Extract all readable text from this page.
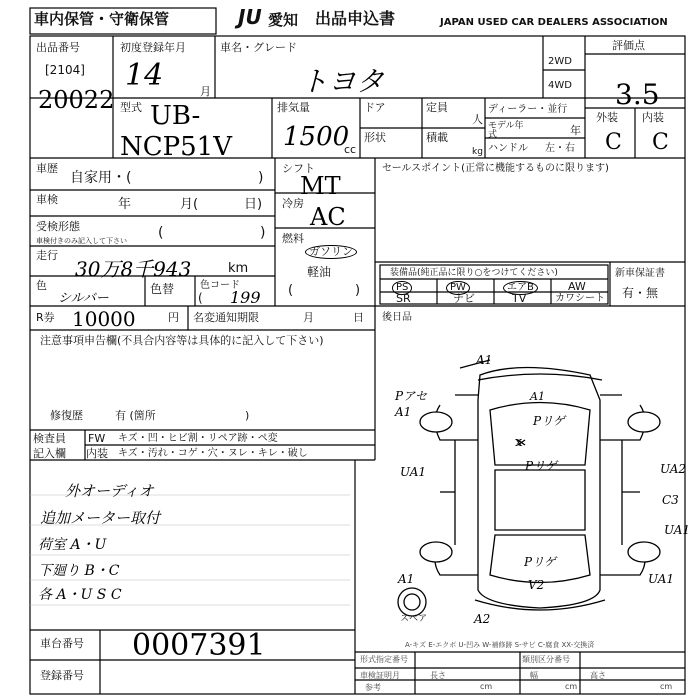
車内保管・守衛保管	JU 愛知 出品申込書	JAPAN USED CAR DEALERS ASSOCIATION
出品番号
[2104]
20022
初度登録年月
14	月
車名・グレード
トヨタ
2WD
4WD
評価点
3.5
外装 内装
C C
型式 UB-
NCP51V
排気量
1500
cc
ドア
形状
定員
人
積載
kg
ディーラー・並行
モデル年式	年
ハンドル 左・右
車歴
自家用・(	)
車検	年	月(	日)
受検形態
車検付きのみ記入して下さい (	)
走行
30万8千943	km
色
シルバー
色替	色コード
( 199
シフト
MT
冷房 AC
燃料
ガソリン
軽油
(	)
セールスポイント(正常に機能するものに限ります)
装備品(純正品に限り○をつけてください)
PS	PW	エアB	AW
SR	ナビ	TV	カワシート
新車保証書
有・無
R券 10000	円 名変通知期限	月	日 後日品
注意事項申告欄(不具合内容等は具体的に記入して下さい)
修復歴	有 (箇所	)
検査員
記入欄
FW キズ・凹・ヒビ割・リペア跡・ペ変
内装 キズ・汚れ・コゲ・穴・ヌレ・キレ・破し
外オーディオ
追加メーター取付
荷室 A・U
下廻り B・C
各 A・U S C
A1
Pアセ
A1
A1
Pリゲ
UA1	Pリゲ	UA2
C3
UA1
V2
A1	UA1
A2
x
Pリゲ
スペア
A-キズ E-エクボ U-凹み W-補修跡 S-サビ C-腐食 XX-交換済
車台番号 0007391
登録番号
形式指定番号	類別区分番号
車検証明月	長さ	幅	高さ
参考	cm	cm	cm
